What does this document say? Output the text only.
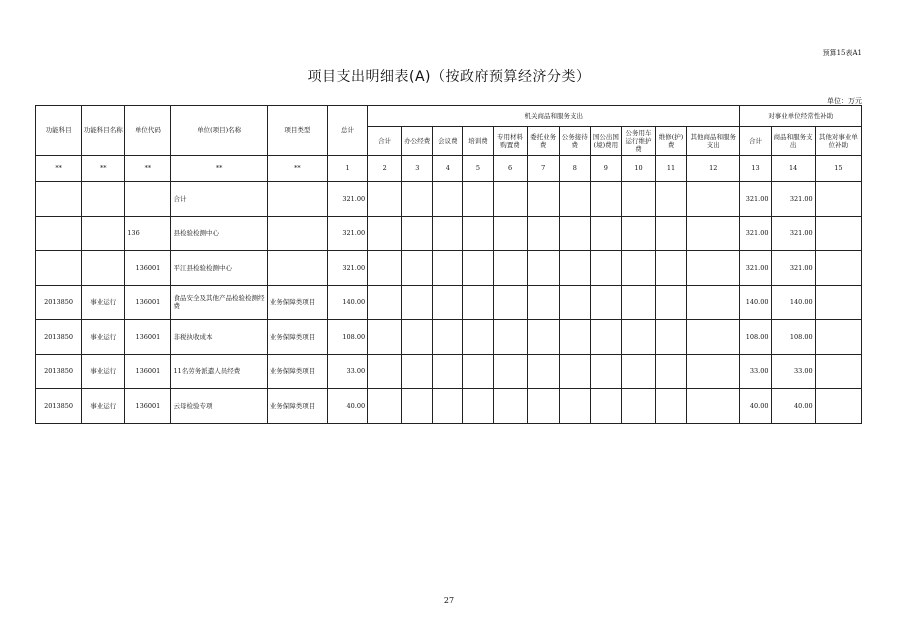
预算15表A1
项目支出明细表(A)（按政府预算经济分类）
单位：万元
功能科目	功能科目名称	单位代码	单位(项目)名称	项目类型	总计	机关商品和服务支出											对事业单位经常性补助		
						合计	办公经费	会议费	培训费	专用材料购置费	委托业务费	公务接待费	国公出国(境)费用	公务用车运行维护费	维修(护)费	其他商品和服务支出	合计	商品和服务支出	其他对事业单位补助
**	**	**	**	**	1	2	3	4	5	6	7	8	9	10	11	12	13	14	15
			合计		321.00												321.00	321.00	
		136	县检验检测中心		321.00												321.00	321.00	
		136001	平江县检验检测中心		321.00												321.00	321.00	
2013850	事业运行	136001	食品安全及其他产品检验检测经费	业务保障类项目	140.00												140.00	140.00	
2013850	事业运行	136001	非税执收成本	业务保障类项目	108.00												108.00	108.00	
2013850	事业运行	136001	11名劳务派遣人员经费	业务保障类项目	33.00												33.00	33.00	
2013850	事业运行	136001	云母检验专项	业务保障类项目	40.00												40.00	40.00	
27
